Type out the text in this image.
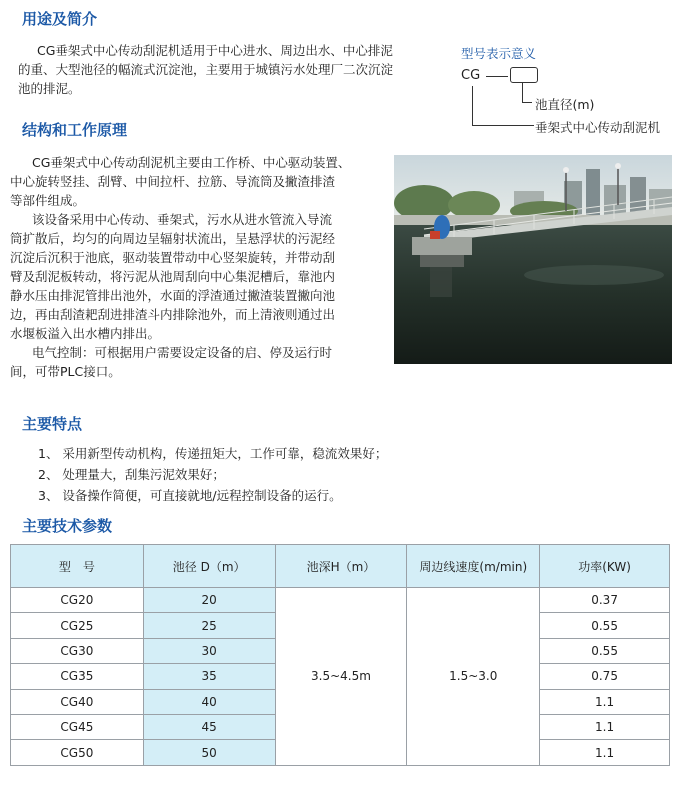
用途及简介

CG垂架式中心传动刮泥机适用于中心进水、周边出水、中心排泥
的重、大型池径的幅流式沉淀池，主要用于城镇污水处理厂二次沉淀
池的排泥。

型号表示意义
CG
池直径(m)
垂架式中心传动刮泥机
结构和工作原理
CG垂架式中心传动刮泥机主要由工作桥、中心驱动装置、
中心旋转竖挂、刮臂、中间拉杆、拉筋、导流筒及撇渣排渣
等部件组成。
该设备采用中心传动、垂架式，污水从进水管流入导流
筒扩散后，均匀的向周边呈辐射状流出，呈悬浮状的污泥经
沉淀后沉积于池底，驱动装置带动中心竖架旋转，并带动刮
臂及刮泥板转动，将污泥从池周刮向中心集泥槽后，靠池内
静水压由排泥管排出池外，水面的浮渣通过撇渣装置撇向池
边，再由刮渣耙刮进排渣斗内排除池外，而上清液则通过出
水堰板溢入出水槽内排出。
电气控制：可根据用户需要设定设备的启、停及运行时
间，可带PLC接口。
主要特点

1、 采用新型传动机构，传递扭矩大，工作可靠，稳流效果好；

2、 处理量大，刮集污泥效果好；

3、 设备操作简便，可直接就地/远程控制设备的运行。

主要技术参数
型　号	池径 D（m）	池深H（m）	周边线速度(m/min)	功率(KW)
CG20	20	3.5~4.5m	1.5~3.0	0.37
CG25	25			0.55
CG30	30			0.55
CG35	35			0.75
CG40	40			1.1
CG45	45			1.1
CG50	50			1.1
